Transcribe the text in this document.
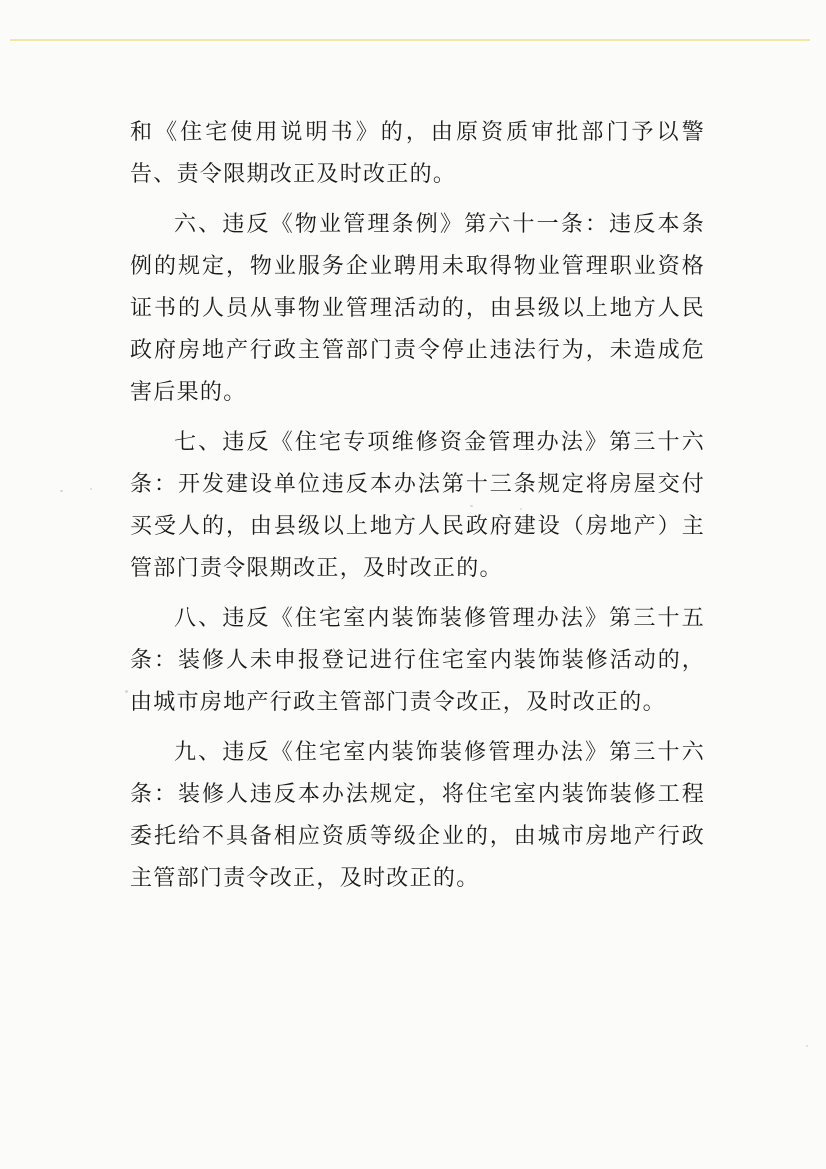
和《住宅使用说明书》的，由原资质审批部门予以警告、责令限期改正及时改正的。

六、违反《物业管理条例》第六十一条：违反本条例的规定，物业服务企业聘用未取得物业管理职业资格证书的人员从事物业管理活动的，由县级以上地方人民政府房地产行政主管部门责令停止违法行为，未造成危害后果的。

七、违反《住宅专项维修资金管理办法》第三十六条：开发建设单位违反本办法第十三条规定将房屋交付买受人的，由县级以上地方人民政府建设（房地产）主管部门责令限期改正，及时改正的。

八、违反《住宅室内装饰装修管理办法》第三十五条：装修人未申报登记进行住宅室内装饰装修活动的，由城市房地产行政主管部门责令改正，及时改正的。

九、违反《住宅室内装饰装修管理办法》第三十六条：装修人违反本办法规定，将住宅室内装饰装修工程委托给不具备相应资质等级企业的，由城市房地产行政主管部门责令改正，及时改正的。
